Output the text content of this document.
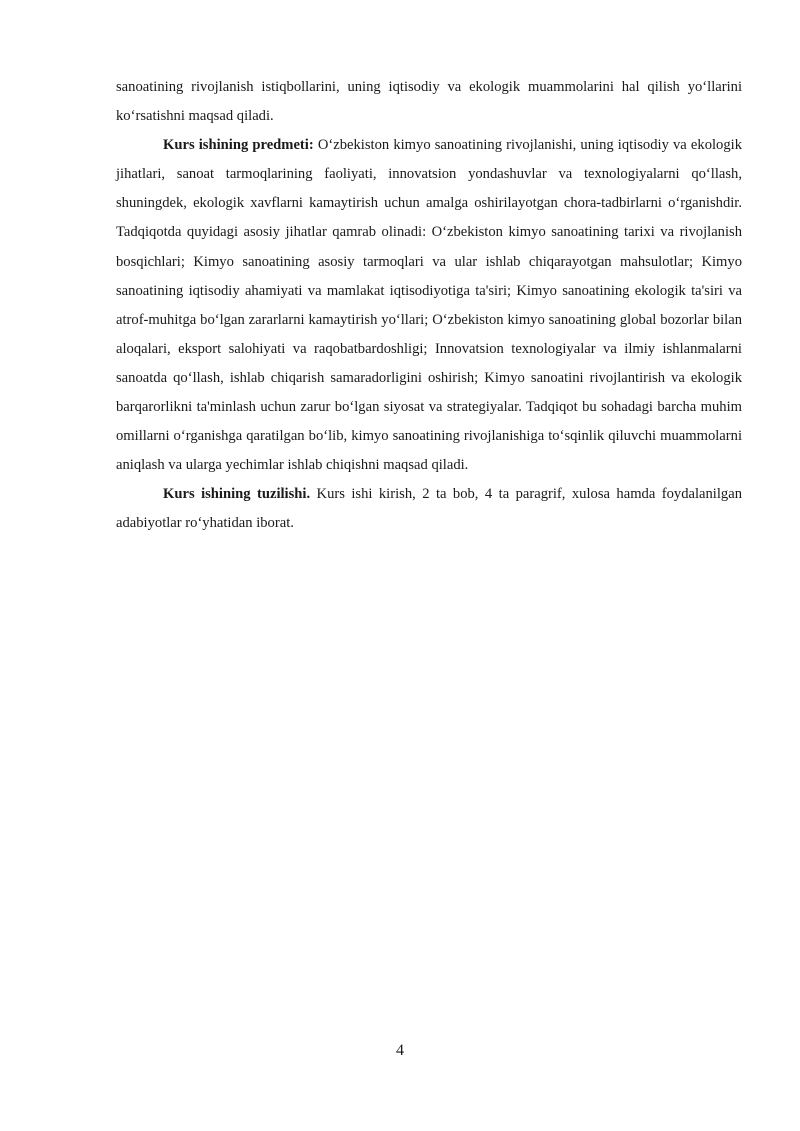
sanoatining rivojlanish istiqbollarini, uning iqtisodiy va ekologik muammolarini hal qilish yo‘llarini ko‘rsatishni maqsad qiladi.

Kurs ishining predmeti: O‘zbekiston kimyo sanoatining rivojlanishi, uning iqtisodiy va ekologik jihatlari, sanoat tarmoqlarining faoliyati, innovatsion yondashuvlar va texnologiyalarni qo‘llash, shuningdek, ekologik xavflarni kamaytirish uchun amalga oshirilayotgan chora-tadbirlarni o‘rganishdir. Tadqiqotda quyidagi asosiy jihatlar qamrab olinadi: O‘zbekiston kimyo sanoatining tarixi va rivojlanish bosqichlari; Kimyo sanoatining asosiy tarmoqlari va ular ishlab chiqarayotgan mahsulotlar; Kimyo sanoatining iqtisodiy ahamiyati va mamlakat iqtisodiyotiga ta'siri; Kimyo sanoatining ekologik ta'siri va atrof-muhitga bo‘lgan zararlarni kamaytirish yo‘llari; O‘zbekiston kimyo sanoatining global bozorlar bilan aloqalari, eksport salohiyati va raqobatbardoshligi; Innovatsion texnologiyalar va ilmiy ishlanmalarni sanoatda qo‘llash, ishlab chiqarish samaradorligini oshirish; Kimyo sanoatini rivojlantirish va ekologik barqarorlikni ta'minlash uchun zarur bo‘lgan siyosat va strategiyalar. Tadqiqot bu sohadagi barcha muhim omillarni o‘rganishga qaratilgan bo‘lib, kimyo sanoatining rivojlanishiga to‘sqinlik qiluvchi muammolarni aniqlash va ularga yechimlar ishlab chiqishni maqsad qiladi.

Kurs ishining tuzilishi. Kurs ishi kirish, 2 ta bob, 4 ta paragrif, xulosa hamda foydalanilgan adabiyotlar ro‘yhatidan iborat.

4
